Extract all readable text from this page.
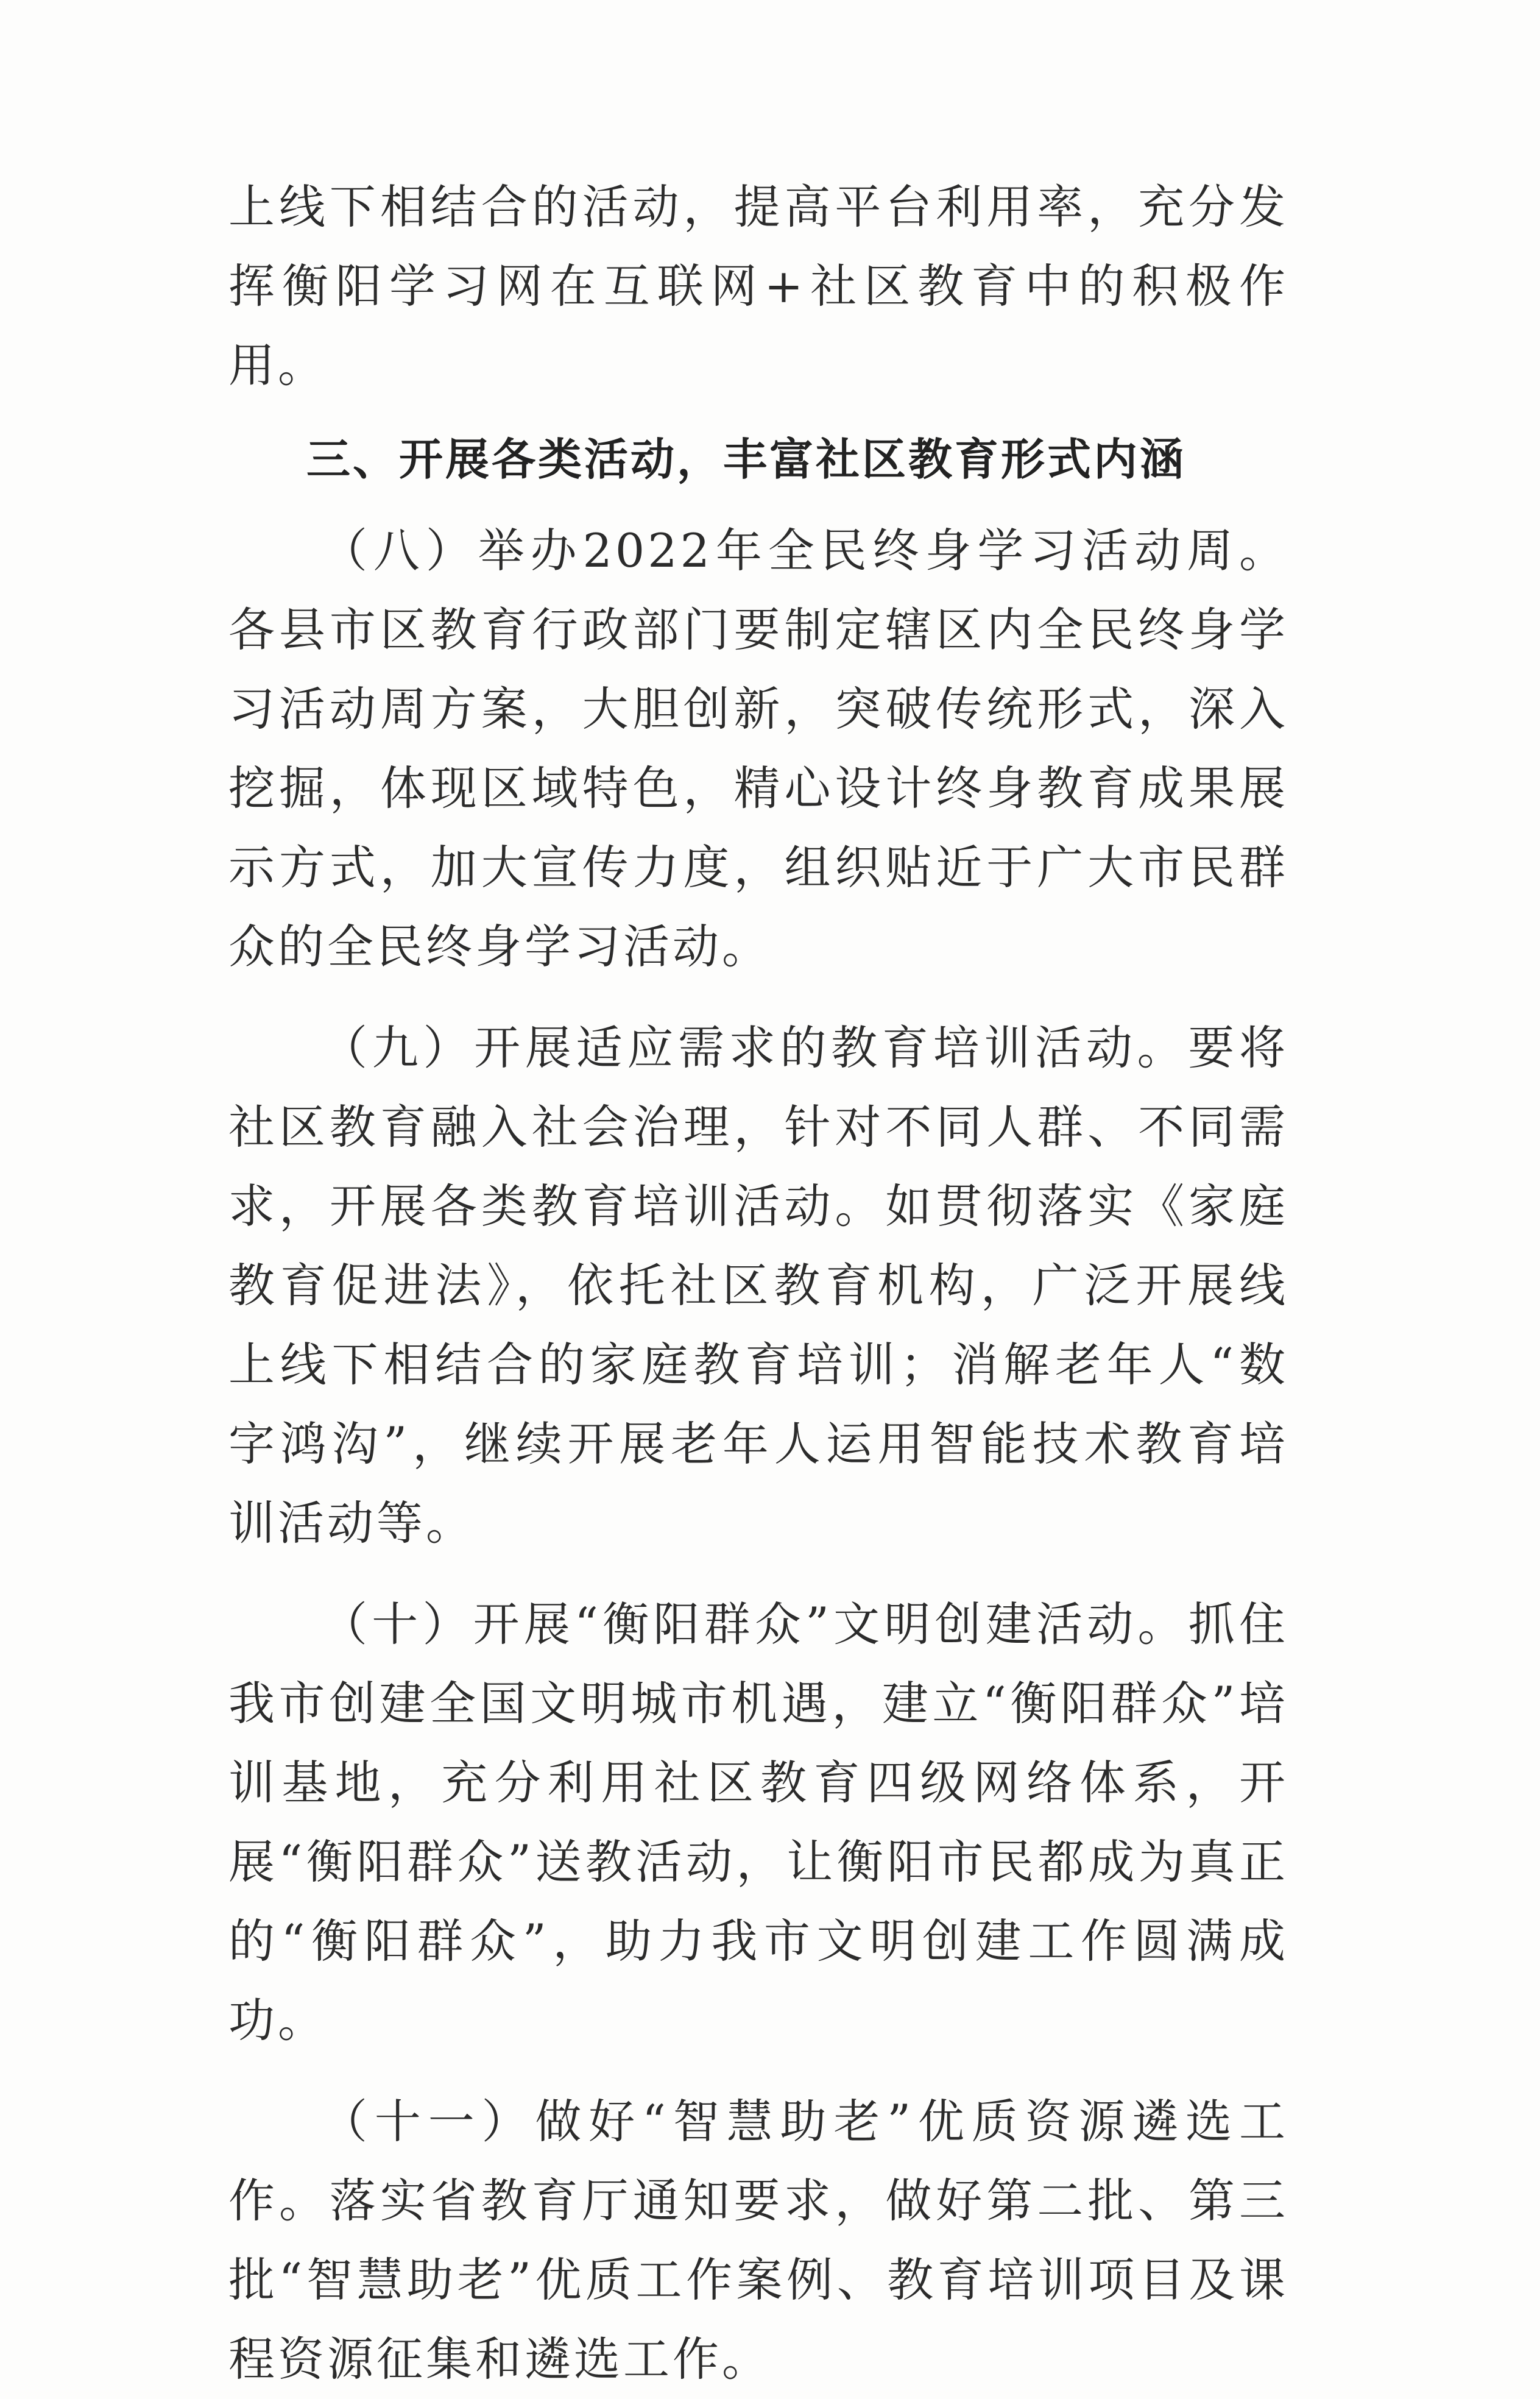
上线下相结合的活动，提高平台利用率，充分发挥衡阳学习网在互联网+社区教育中的积极作用。

三、开展各类活动，丰富社区教育形式内涵

（八）举办2022年全民终身学习活动周。各县市区教育行政部门要制定辖区内全民终身学习活动周方案，大胆创新，突破传统形式，深入挖掘，体现区域特色，精心设计终身教育成果展示方式，加大宣传力度，组织贴近于广大市民群众的全民终身学习活动。

（九）开展适应需求的教育培训活动。要将社区教育融入社会治理，针对不同人群、不同需求，开展各类教育培训活动。如贯彻落实《家庭教育促进法》，依托社区教育机构，广泛开展线上线下相结合的家庭教育培训；消解老年人“数字鸿沟”，继续开展老年人运用智能技术教育培训活动等。

（十）开展“衡阳群众”文明创建活动。抓住我市创建全国文明城市机遇，建立“衡阳群众”培训基地，充分利用社区教育四级网络体系，开展“衡阳群众”送教活动，让衡阳市民都成为真正的“衡阳群众”，助力我市文明创建工作圆满成功。

（十一）做好“智慧助老”优质资源遴选工作。落实省教育厅通知要求，做好第二批、第三批“智慧助老”优质工作案例、教育培训项目及课程资源征集和遴选工作。
